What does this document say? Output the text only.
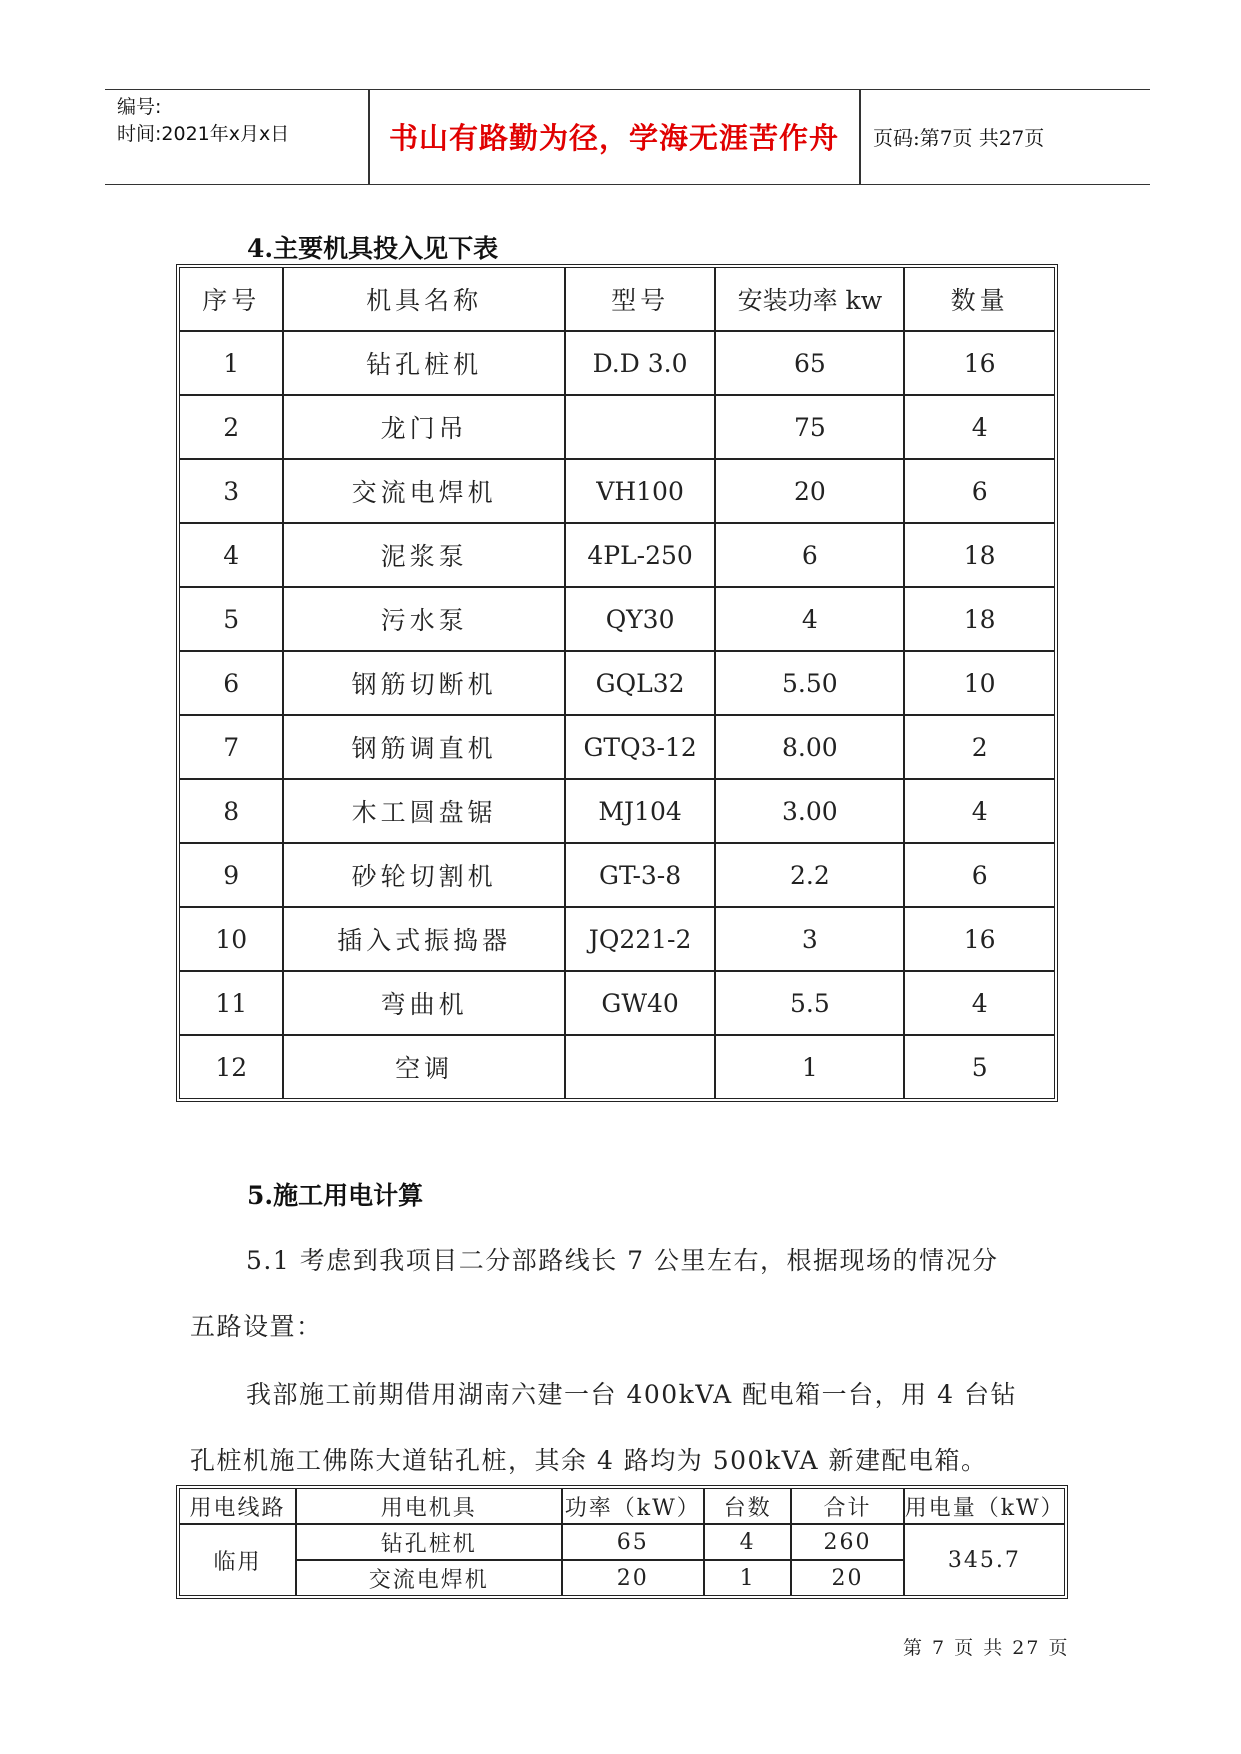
编号:
时间:2021年x月x日	书山有路勤为径，学海无涯苦作舟	页码:第7页 共27页
4.主要机具投入见下表
序号	机具名称	型号	安装功率 kw	数量
1	钻孔桩机	D.D 3.0	65	16
2	龙门吊		75	4
3	交流电焊机	VH100	20	6
4	泥浆泵	4PL-250	6	18
5	污水泵	QY30	4	18
6	钢筋切断机	GQL32	5.50	10
7	钢筋调直机	GTQ3-12	8.00	2
8	木工圆盘锯	MJ104	3.00	4
9	砂轮切割机	GT-3-8	2.2	6
10	插入式振捣器	JQ221-2	3	16
11	弯曲机	GW40	5.5	4
12	空调		1	5
5.施工用电计算
5.1 考虑到我项目二分部路线长 7 公里左右，根据现场的情况分
五路设置：
我部施工前期借用湖南六建一台 400kVA 配电箱一台，用 4 台钻
孔桩机施工佛陈大道钻孔桩，其余 4 路均为 500kVA 新建配电箱。
用电线路	用电机具	功率（kW）	台数	合计	用电量（kW）
临用	钻孔桩机	65	4	260	345.7
	交流电焊机	20	1	20	
第 7 页 共 27 页
